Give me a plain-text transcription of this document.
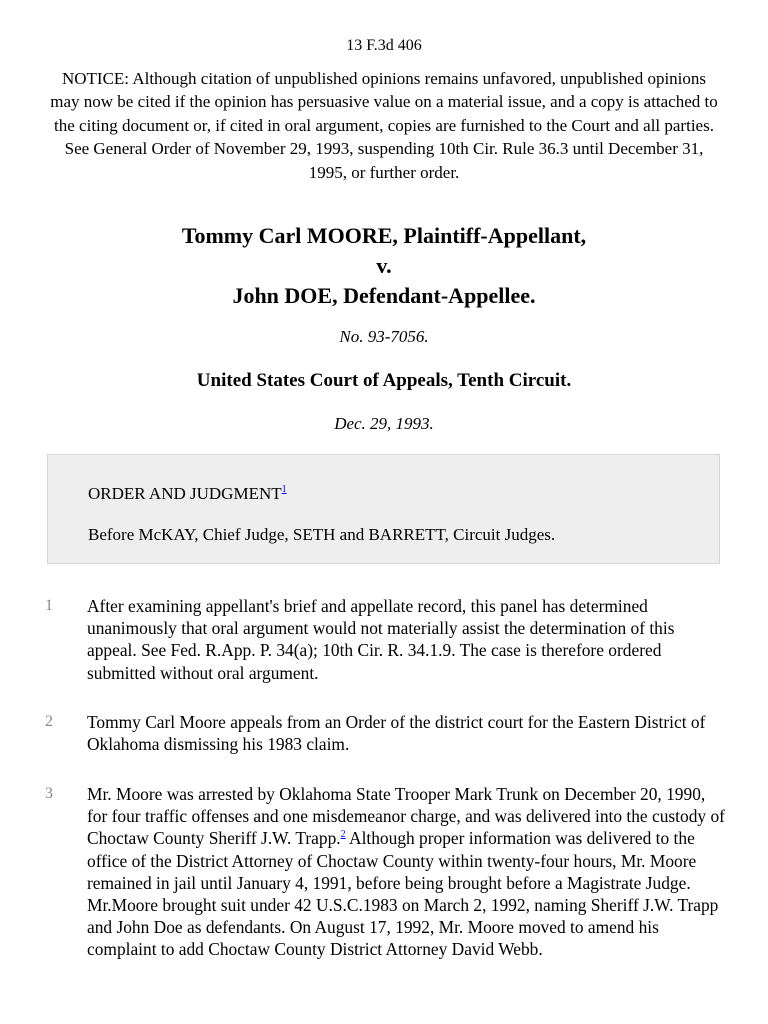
13 F.3d 406
NOTICE: Although citation of unpublished opinions remains unfavored, unpublished opinions may now be cited if the opinion has persuasive value on a material issue, and a copy is attached to the citing document or, if cited in oral argument, copies are furnished to the Court and all parties. See General Order of November 29, 1993, suspending 10th Cir. Rule 36.3 until December 31, 1995, or further order.
Tommy Carl MOORE, Plaintiff-Appellant,
v.
John DOE, Defendant-Appellee.
No. 93-7056.
United States Court of Appeals, Tenth Circuit.
Dec. 29, 1993.
ORDER AND JUDGMENT$^1$
Before McKAY, Chief Judge, SETH and BARRETT, Circuit Judges.
1 After examining appellant's brief and appellate record, this panel has determined unanimously that oral argument would not materially assist the determination of this appeal. See Fed. R.App. P. 34(a); 10th Cir. R. 34.1.9. The case is therefore ordered submitted without oral argument.
2 Tommy Carl Moore appeals from an Order of the district court for the Eastern District of Oklahoma dismissing his 1983 claim.
3 Mr. Moore was arrested by Oklahoma State Trooper Mark Trunk on December 20, 1990, for four traffic offenses and one misdemeanor charge, and was delivered into the custody of Choctaw County Sheriff J.W. Trapp.$^2$ Although proper information was delivered to the office of the District Attorney of Choctaw County within twenty-four hours, Mr. Moore remained in jail until January 4, 1991, before being brought before a Magistrate Judge. Mr.Moore brought suit under 42 U.S.C.1983 on March 2, 1992, naming Sheriff J.W. Trapp and John Doe as defendants. On August 17, 1992, Mr. Moore moved to amend his complaint to add Choctaw County District Attorney David Webb.
